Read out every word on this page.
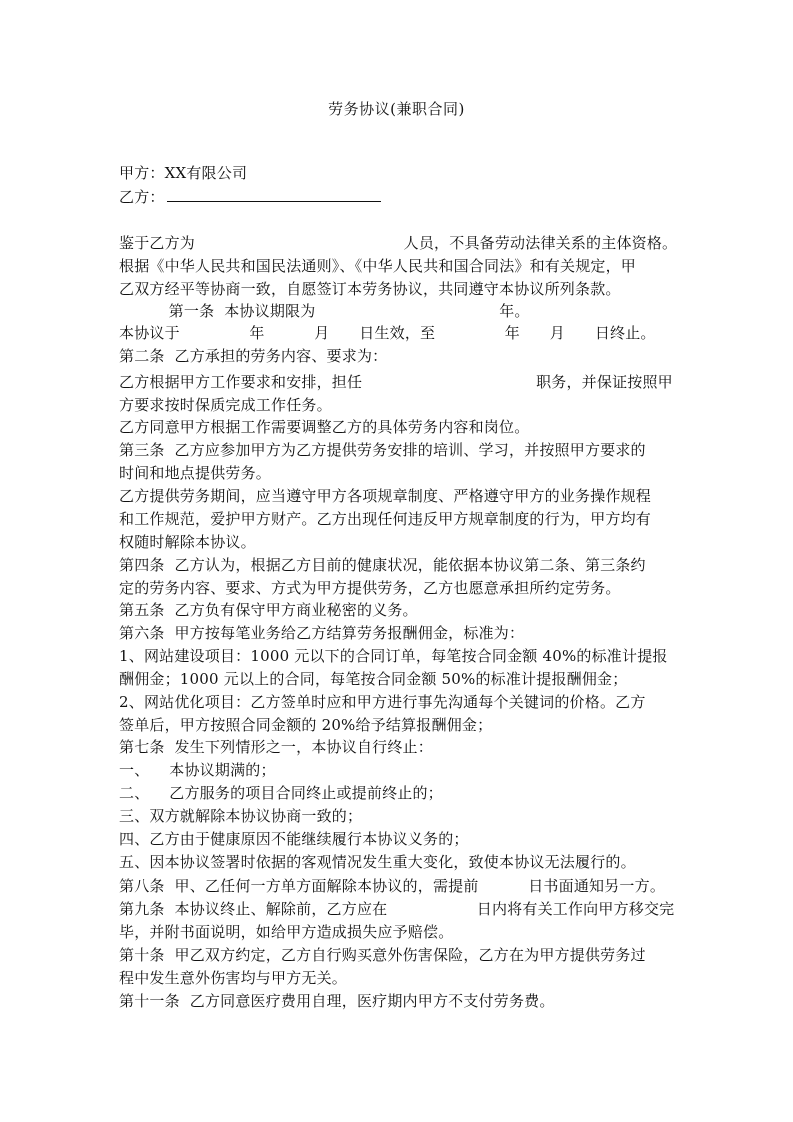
劳务协议(兼职合同)
甲方：XX有限公司
乙方：
鉴于乙方为                                          人员，不具备劳动法律关系的主体资格。
根据《中华人民共和国民法通则》、《中华人民共和国合同法》和有关规定，甲
乙双方经平等协商一致，自愿签订本劳务协议，共同遵守本协议所列条款。
第一条  本协议期限为                                     年。
本协议于              年          月      日生效，至              年      月      日终止。
第二条  乙方承担的劳务内容、要求为：
乙方根据甲方工作要求和安排，担任                                   职务，并保证按照甲
方要求按时保质完成工作任务。
乙方同意甲方根据工作需要调整乙方的具体劳务内容和岗位。
第三条  乙方应参加甲方为乙方提供劳务安排的培训、学习，并按照甲方要求的
时间和地点提供劳务。
乙方提供劳务期间，应当遵守甲方各项规章制度、严格遵守甲方的业务操作规程
和工作规范，爱护甲方财产。乙方出现任何违反甲方规章制度的行为，甲方均有
权随时解除本协议。
第四条  乙方认为，根据乙方目前的健康状况，能依据本协议第二条、第三条约
定的劳务内容、要求、方式为甲方提供劳务，乙方也愿意承担所约定劳务。
第五条  乙方负有保守甲方商业秘密的义务。
第六条  甲方按每笔业务给乙方结算劳务报酬佣金，标准为：
1、网站建设项目：1000 元以下的合同订单，每笔按合同金额 40%的标准计提报
酬佣金；1000 元以上的合同，每笔按合同金额 50%的标准计提报酬佣金；
2、网站优化项目：乙方签单时应和甲方进行事先沟通每个关键词的价格。乙方
签单后，甲方按照合同金额的 20%给予结算报酬佣金；
第七条  发生下列情形之一，本协议自行终止：
一、    本协议期满的；
二、    乙方服务的项目合同终止或提前终止的；
三、双方就解除本协议协商一致的；
四、乙方由于健康原因不能继续履行本协议义务的；
五、因本协议签署时依据的客观情况发生重大变化，致使本协议无法履行的。
第八条  甲、乙任何一方单方面解除本协议的，需提前          日书面通知另一方。
第九条  本协议终止、解除前，乙方应在                  日内将有关工作向甲方移交完
毕，并附书面说明，如给甲方造成损失应予赔偿。
第十条  甲乙双方约定，乙方自行购买意外伤害保险，乙方在为甲方提供劳务过
程中发生意外伤害均与甲方无关。
第十一条  乙方同意医疗费用自理，医疗期内甲方不支付劳务费。
